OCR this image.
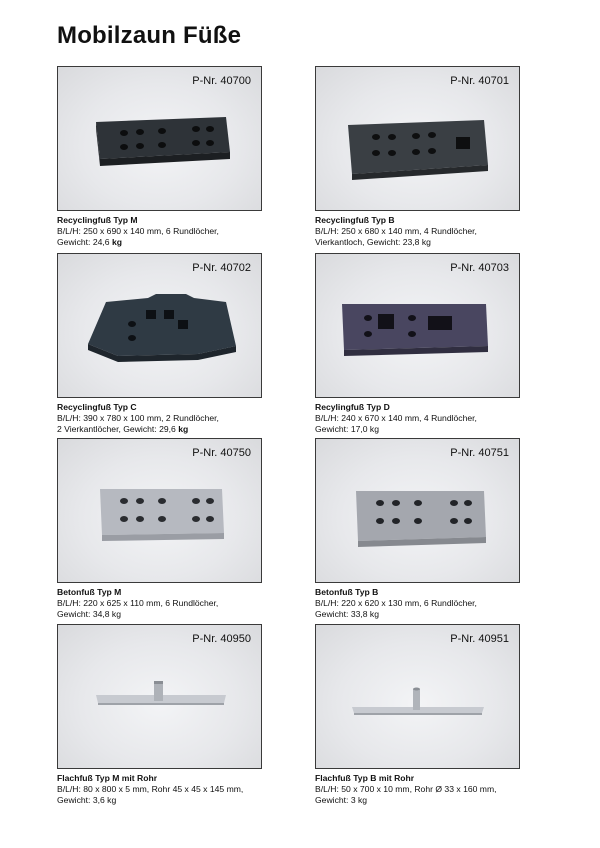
Mobilzaun Füße
P-Nr. 40700
Recyclingfuß Typ M
B/L/H: 250 x 690 x 140 mm, 6 Rundlöcher,
Gewicht: 24,6 kg
P-Nr. 40701
Recyclingfuß Typ B
B/L/H: 250 x 680 x 140 mm, 4 Rundlöcher,
Vierkantloch, Gewicht: 23,8 kg
P-Nr. 40702
Recyclingfuß Typ C
B/L/H: 390 x 780 x 100 mm, 2 Rundlöcher,
2 Vierkantlöcher, Gewicht: 29,6 kg
P-Nr. 40703
Recylingfuß Typ D
B/L/H: 240 x 670 x 140 mm, 4 Rundlöcher,
Gewicht: 17,0 kg
P-Nr. 40750
Betonfuß Typ M
B/L/H: 220 x 625 x 110 mm, 6 Rundlöcher,
Gewicht: 34,8 kg
P-Nr. 40751
Betonfuß Typ B
B/L/H: 220 x 620 x 130 mm, 6 Rundlöcher,
Gewicht: 33,8 kg
P-Nr. 40950
Flachfuß Typ M mit Rohr
B/L/H: 80 x 800 x 5 mm, Rohr 45 x 45 x 145 mm,
Gewicht: 3,6 kg
P-Nr. 40951
Flachfuß Typ B mit Rohr
B/L/H: 50 x 700 x 10 mm, Rohr Ø 33 x 160 mm,
Gewicht: 3 kg
